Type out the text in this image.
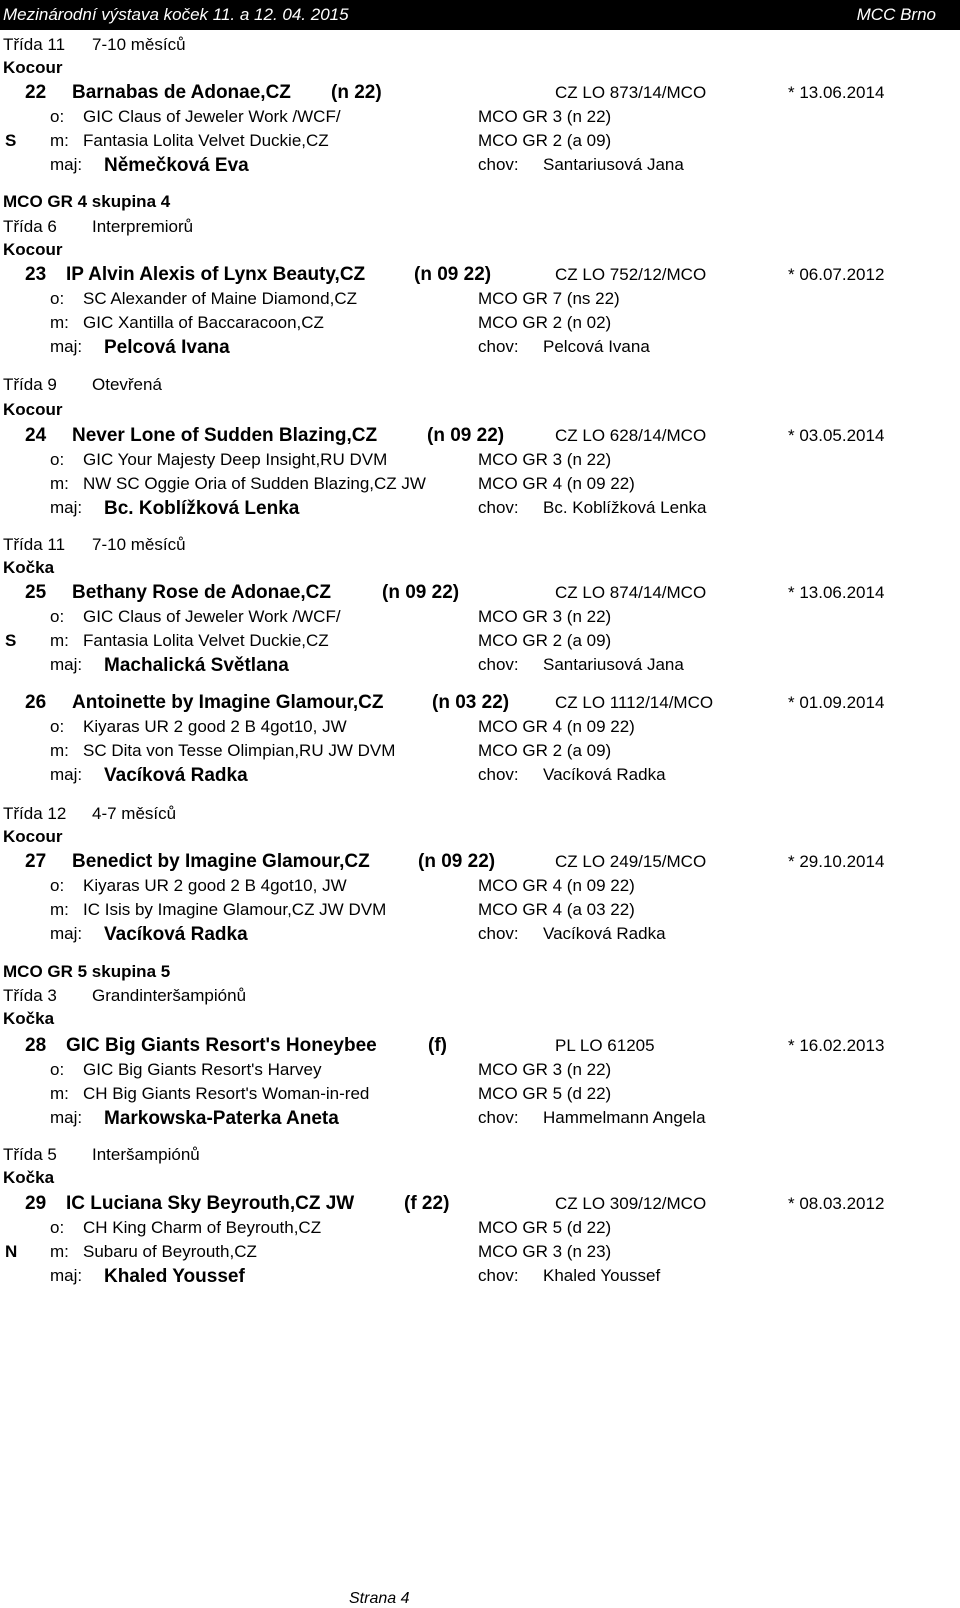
Mezinárodní výstava koček 11. a 12. 04. 2015	MCC Brno
Třída 11 7-10 měsíců
Kocour
22 Barnabas de Adonae,CZ (n 22)	CZ LO 873/14/MCO	* 13.06.2014
o: GIC Claus of Jeweler Work /WCF/	MCO GR 3 (n 22)
S m: Fantasia Lolita Velvet Duckie,CZ	MCO GR 2 (a 09)
maj: Němečková Eva	chov: Santariusová Jana
MCO GR 4 skupina 4
Třída 6 Interpremiorů
Kocour
23 IP Alvin Alexis of Lynx Beauty,CZ	(n 09 22)	CZ LO 752/12/MCO	* 06.07.2012
o: SC Alexander of Maine Diamond,CZ	MCO GR 7 (ns 22)
m: GIC Xantilla of Baccaracoon,CZ	MCO GR 2 (n 02)
maj: Pelcová Ivana	chov: Pelcová Ivana
Třída 9 Otevřená
Kocour
24 Never Lone of Sudden Blazing,CZ	(n 09 22)	CZ LO 628/14/MCO	* 03.05.2014
o: GIC Your Majesty Deep Insight,RU DVM	MCO GR 3 (n 22)
m: NW SC Oggie Oria of Sudden Blazing,CZ JW	MCO GR 4 (n 09 22)
maj: Bc. Koblížková Lenka	chov: Bc. Koblížková Lenka
Třída 11 7-10 měsíců
Kočka
25 Bethany Rose de Adonae,CZ	(n 09 22)	CZ LO 874/14/MCO	* 13.06.2014
o: GIC Claus of Jeweler Work /WCF/	MCO GR 3 (n 22)
S m: Fantasia Lolita Velvet Duckie,CZ	MCO GR 2 (a 09)
maj: Machalická Světlana	chov: Santariusová Jana
26 Antoinette by Imagine Glamour,CZ	(n 03 22)	CZ LO 1112/14/MCO	* 01.09.2014
o: Kiyaras UR 2 good 2 B 4got10, JW	MCO GR 4 (n 09 22)
m: SC Dita von Tesse Olimpian,RU JW DVM	MCO GR 2 (a 09)
maj: Vacíková Radka	chov: Vacíková Radka
Třída 12 4-7 měsíců
Kocour
27 Benedict by Imagine Glamour,CZ	(n 09 22)	CZ LO 249/15/MCO	* 29.10.2014
o: Kiyaras UR 2 good 2 B 4got10, JW	MCO GR 4 (n 09 22)
m: IC Isis by Imagine Glamour,CZ JW DVM	MCO GR 4 (a 03 22)
maj: Vacíková Radka	chov: Vacíková Radka
MCO GR 5 skupina 5
Třída 3 Grandinteršampiónů
Kočka
28 GIC Big Giants Resort's Honeybee	(f)	PL LO 61205	* 16.02.2013
o: GIC Big Giants Resort's Harvey	MCO GR 3 (n 22)
m: CH Big Giants Resort's Woman-in-red	MCO GR 5 (d 22)
maj: Markowska-Paterka Aneta	chov: Hammelmann Angela
Třída 5 Interšampiónů
Kočka
29 IC Luciana Sky Beyrouth,CZ JW	(f 22)	CZ LO 309/12/MCO	* 08.03.2012
o: CH King Charm of Beyrouth,CZ	MCO GR 5 (d 22)
N m: Subaru of Beyrouth,CZ	MCO GR 3 (n 23)
maj: Khaled Youssef	chov: Khaled Youssef
Strana 4
